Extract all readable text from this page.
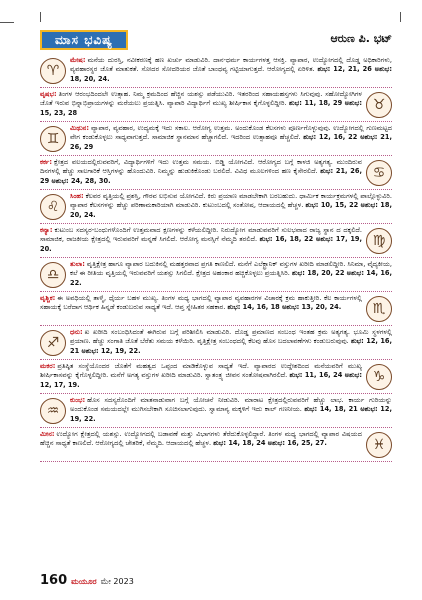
ಮಾಸ ಭವಿಷ್ಯ	ಆರುಣ ಪಿ. ಭಟ್
♈
ಮೇಷ: ಮನೆಯ ದುರಸ್ತಿ, ನವೀಕರಣಕ್ಕೆ ಹಣ ಖರ್ಚು ಮಾಡುವಿರಿ. ದಾನ-ಧರ್ಮ ಕಾರ್ಯಗಳತ್ತ ಆಸಕ್ತಿ. ವ್ಯಾಪಾರ, ಉದ್ಯೋಗದಲ್ಲಿ ದೊಡ್ಡ ಅಧಿಕಾರಿಗಳು, ವ್ಯವಹಾರಸ್ಥರ ಜೊತೆ ಮಾತುಕತೆ. ಸೋದರ ಸೋದರಿಯರ ಜೊತೆ ಬಾಂಧವ್ಯ ಗಟ್ಟಿಯಾಗುತ್ತದೆ. ಆರೋಗ್ಯದಲ್ಲಿ ಏರಿಳಿತ. ಶುಭ: 12, 21, 26 ಅಶುಭ: 18, 20, 24.
♉
ವೃಷಭ: ತಿಂಗಳ ಆರಂಭದಿಂದಲೇ ಉತ್ಸಾಹ. ನಿಮ್ಮ ಕ್ರಮದಿಂದ ಹೆಚ್ಚಿನ ಯಶಸ್ಸು ಪಡೆಯುವಿರಿ. ಇತರರಿಂದ ಸಹಾಯಹಸ್ತಗಳು ಸಿಗುವುವು. ಸಹೋದ್ಯೋಗಿಗಳ ಜೊತೆ ಇರುವ ಭಿನ್ನಾಭಿಪ್ರಾಯಗಳನ್ನು ಮರೆಯಲು ಪ್ರಯತ್ನಿಸಿ. ವ್ಯಾಪಾರಿ ವಿದ್ಯಾರ್ಥಿಗೆ ಮುಖ್ಯ ಶೀರ್ಷಿಕಾಸ ಕೈಗೊಳ್ಳಲಿದ್ದೀರಿ. ಶುಭ: 11, 18, 29 ಅಶುಭ: 15, 23, 28
♊
ಮಿಥುನ: ವ್ಯಾಪಾರ, ವ್ಯವಹಾರ, ಉದ್ಯಮಕ್ಕೆ ಇದು ಸಕಾಲ. ಆರೋಗ್ಯ ಉತ್ತಮ. ಅಂದುಕೊಂಡ ಕೆಲಸಗಳು ಪೂರ್ಣಗೊಳ್ಳುವುವು. ಉದ್ಯೋಗದಲ್ಲಿ ಗುಣಮಟ್ಟದ ವೇಗ ಕಂಡುಕೊಳ್ಳಲು ಸಾಧ್ಯವಾಗುತ್ತದೆ. ಸಾಮಾಜಿಕ ಸ್ಥಾನಮಾನ ಹೆಚ್ಚಾಗಲಿದೆ. ಇದರಿಂದ ಉತ್ಸಾಹವೂ ಹೆಚ್ಚಲಿದೆ. ಶುಭ: 12, 16, 22 ಅಶುಭ: 21, 26, 29
♋
ಕರ್ಕ: ಕ್ಷೇತ್ರದ ವಲಯದಲ್ಲಿರುವವರಿಗೆ, ವಿದ್ಯಾರ್ಥಿಗಳಿಗೆ ಇದು ಉತ್ತಮ ಸಮಯ. ಬಿಡ್ಡಿ ಯೋಗವಿದೆ. ಆರೋಗ್ಯದ ಬಗ್ಗೆ ಕಾಳಜಿ ಅತ್ಯಗತ್ಯ. ಮುಂದಿರುವ ದಿನಗಳಲ್ಲಿ ಹೆಚ್ಚು ಸಾಲಗಾರಿಕೆ ಆಸ್ತಿಗಳನ್ನು ಹೊಂದುವಿರಿ. ನಿಮ್ಮನ್ನು ಹುಡುಕಿಕೊಂಡು ಬರಲಿದೆ. ವಿವಿಧ ಮೂಲಗಳಿಂದ ಹಣ ಕೈಸೇರಲಿದೆ. ಶುಭ: 21, 26, 29 ಅಶುಭ: 24, 28, 30.
♌
ಸಿಂಹ: ಕೆಲವರ ವೃತ್ತಿಯಲ್ಲಿ ಪ್ರಶಸ್ತಿ, ಗೌರವ ಲಭಿಸುವ ಯೋಗವಿದೆ. ಕಿರು ಪ್ರಯಾಣ ಮಾಡಬೇಕಾಗಿ ಬರಬಹುದು. ಧಾರ್ಮಿಕ ಕಾರ್ಯಕ್ರಮಗಳಲ್ಲಿ ಪಾಲ್ಗೊಳ್ಳುವಿರಿ. ವ್ಯಾಪಾರ ಕೆಲಸಗಳನ್ನು ಹೆಚ್ಚು ಪರಿಣಾಮಕಾರಿಯಾಗಿ ಮಾಡುವಿರಿ. ಕುಟುಂಬದಲ್ಲಿ ಸಂತೋಷ, ಆದಾಯದಲ್ಲಿ ಹೆಚ್ಚಳ. ಶುಭ: 10, 15, 22 ಅಶುಭ: 18, 20, 24.
♍
ಕನ್ಯಾ: ಕುಟುಂಬ ಸದಸ್ಯರ-ಬಂಧುಗಳೊಂದಿಗೆ ಉತ್ತಮವಾದ ಕ್ಷಣಗಳನ್ನು ಕಳೆಯಲಿದ್ದೀರಿ. ನಿರುದ್ಯೋಗ ಮಾಡುವವರಿಗೆ ಸುಲಭವಾದ ರಾಜ್ಯ ಸ್ಥಾನ ದ ದಕ್ಕಲಿದೆ. ಸಾಮಾಜಿಕ, ರಾಜಕೀಯ ಕ್ಷೇತ್ರದಲ್ಲಿ ಇರುವವರಿಗೆ ಮನ್ನಣೆ ಸಿಗಲಿದೆ. ಆರೋಗ್ಯ ಮನಸ್ಸಿಗೆ ನೆಮ್ಮದಿ ತರಲಿದೆ. ಶುಭ: 16, 18, 22 ಅಶುಭ: 17, 19, 20.
♎
ತುಲಾ: ವೃತ್ತಿಕ್ಷೇತ್ರ ಹಾಗೂ ವ್ಯಾಪಾರ ಬದುಕಿನಲ್ಲಿ ಮಹತ್ತರವಾದ ಪ್ರಗತಿ ಕಾಣಲಿದೆ. ಮನೆಗೆ ಎಲೆಕ್ಟ್ರಾನಿಕ್ ವಸ್ತುಗಳ ಖರೀದಿ ಮಾಡಲಿದ್ದೀರಿ. ಸಿನಿಮಾ, ವೈದ್ಯಕೀಯ, ಕಲೆ ಈ ರೀತಿಯ ವೃತ್ತಿಯಲ್ಲಿ ಇರುವವರಿಗೆ ಯಶಸ್ಸು ಸಿಗಲಿದೆ. ಕ್ಷೇತ್ರದ ಅಹಂಕಾರ ಹಚ್ಚಿಕೊಳ್ಳಲು ಪ್ರಯತ್ನಿಸಿರಿ. ಶುಭ: 18, 20, 22 ಅಶುಭ: 14, 16, 22.
♏
ವೃಶ್ಚಿಕ: ಈ ಅವಧಿಯಲ್ಲಿ ತಾಳ್ಮೆ, ಧೈರ್ಯ ಬಹಳ ಮುಖ್ಯ. ತಿಂಗಳ ಮಧ್ಯ ಭಾಗದಲ್ಲಿ ವ್ಯಾಪಾರ ವ್ಯವಹಾರಗಳ ವಿಚಾರಕ್ಕೆ ಕ್ರಮ ಹಾಕುತ್ತೀರಿ. ಕೆಲ ಕಾರ್ಯಗಳಲ್ಲಿ ಸಹಾಯಕ್ಕೆ ಬರೆದಾಗ ಆರ್ಥಿಕ ಹಿನ್ನಡೆ ಕಂಡುಬರುವ ಸಾಧ್ಯತೆ ಇದೆ. ಆಪ್ತ ಸ್ನೇಹಿತರ ಸಹಕಾರ. ಶುಭ: 14, 16, 18 ಅಶುಭ: 13, 20, 24.
♐
ಧನು: ಖ ಖರೀದಿ ಸಂಬಂಧಿಸಿದಂತೆ ಈಗಿರುವ ಬಗ್ಗೆ ಪರಿಶೀಲಿಸಿ ಮಾಡುವಿರಿ. ದೊಡ್ಡ ಪ್ರಮಾಣದ ಸಂಬಂಧ ಇಂತಹ ಕ್ರಮ ಅತ್ಯಗತ್ಯ. ಭೂಮಿ ಸ್ಥಳಗಳಲ್ಲಿ ಪ್ರಯಾಣ. ಹೆಚ್ಚು ಸಂಗಾತಿ ಜೊತೆ ಬೆರೆತು ಸಮಯ ಕಳೆಯಿರಿ. ವೃತ್ತಿಕ್ಷೇತ್ರ ಸಂಬಂಧದಲ್ಲಿ ಕೆಲವು ಹೊಸ ಬದಲಾವಣೆಗಳು ಕಂಡುಬರುವುವು. ಶುಭ: 12, 16, 21 ಅಶುಭ: 12, 19, 22.
♑
ಮಕರ: ಪ್ರತಿಷ್ಠಿತ ಸಂಸ್ಥೆಯೊಂದರ ಜೊತೆಗೆ ಮಹತ್ವದ ಒಪ್ಪಂದ ಮಾಡಿಕೊಳ್ಳುವ ಸಾಧ್ಯತೆ ಇದೆ. ವ್ಯಾಪಾರದ ಉದ್ದೇಶದಿಂದ ಮನೆಯವರಿಗೆ ಮುಖ್ಯ ಶೀರ್ಷಿಕಾಸವನ್ನು ಕೈಗೊಳ್ಳಲಿದ್ದೀರಿ. ಮನೆಗೆ ಅಗತ್ಯ ವಸ್ತುಗಳ ಖರೀದಿ ಮಾಡುವಿರಿ. ಸ್ವಾತಂತ್ರ್ಯ ಜೀವನ ಸಂತೋಷವಾಗಿರಲಿದೆ. ಶುಭ: 11, 16, 24 ಅಶುಭ: 12, 17, 19.
♒
ಕುಂಭ: ಹೊಸ ಸದಸ್ಯರೊಂದಿಗೆ ಮಾತನಾಡುವಾಗ ಬಗ್ಗೆ ಯೋಚನೆ ನೀಡುವಿರಿ. ಮಾರಾಟ ಕ್ಷೇತ್ರದಲ್ಲಿರುವವರಿಗೆ ಹೆಚ್ಚು ಲಾಭ. ಕಾರ್ಯ ಗುರಿಯನ್ನು ಅಂದುಕೊಂಡ ಸಮಯದಲ್ಲೇ ಮುಗಿಸಬೇಕಾಗಿ ಸೂಚಿಸಲಾಗುವುದು. ಸ್ವಾಮಾನ್ಯ ಮಕ್ಕಳಿಗೆ ಇದು ಕಾಲ್ ಗಣನೀಯ. ಶುಭ: 14, 18, 21 ಅಶುಭ: 12, 19, 22.
♓
ಮೀನ: ಉದ್ಯೋಗ ಕ್ಷೇತ್ರದಲ್ಲಿ ಯಶಸ್ಸು. ಉದ್ಯೋಗದಲ್ಲಿ ಬಡಾವಣೆ ಮತ್ತು ವಿಭಾಗಗಳು ತೆರೆದುಕೊಳ್ಳಲಿದ್ದಾರೆ. ತಿಂಗಳ ಮಧ್ಯ ಭಾಗದಲ್ಲಿ ವ್ಯಾಪಾರ ವಿಷಯದ ಹೆಚ್ಚಿನ ಸಾಧ್ಯತೆ ಕಾಣಲಿದೆ. ಆರೋಗ್ಯದಲ್ಲಿ ಚೇತರಿಕೆ, ನೆಮ್ಮದಿ. ಆದಾಯದಲ್ಲಿ ಹೆಚ್ಚಳ. ಶುಭ: 14, 18, 24 ಅಶುಭ: 16, 25, 27.
160 ಮಯೂರ ಮೇ 2023
